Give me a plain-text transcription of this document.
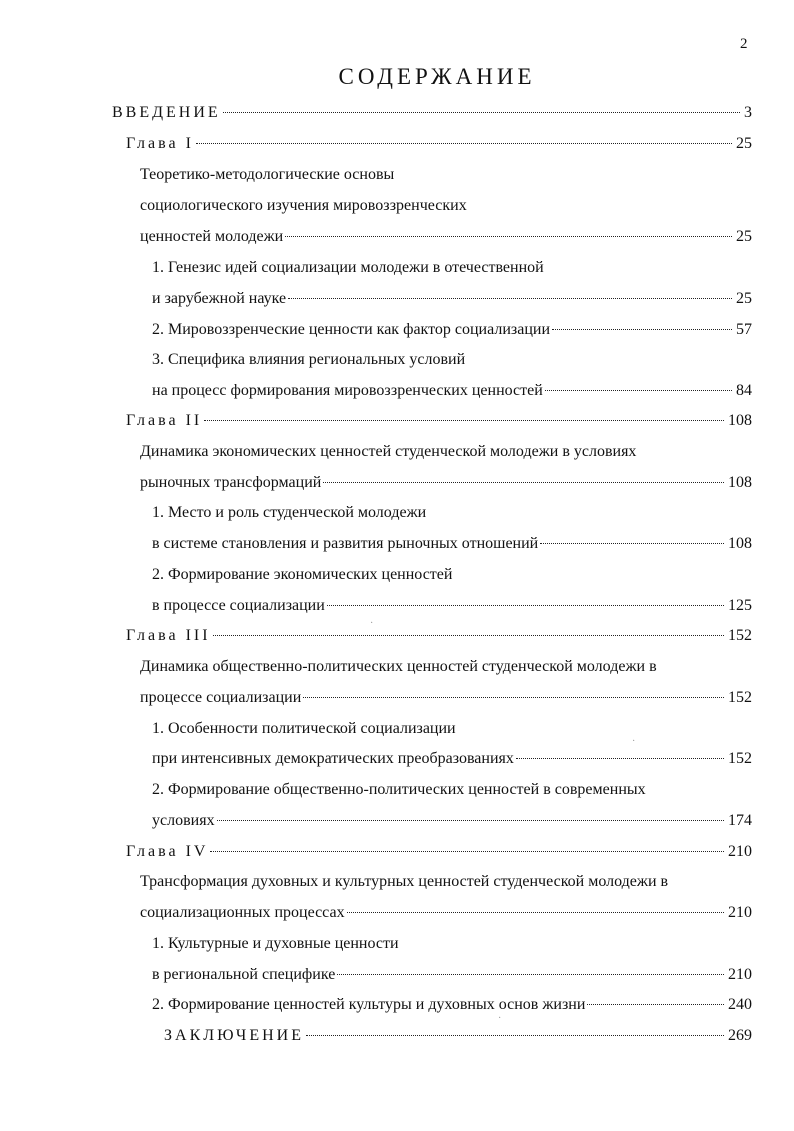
2
СОДЕРЖАНИЕ
ВВЕДЕНИЕ	3
Глава I	25
Теоретико-методологические основы
социологического изучения мировоззренческих
ценностей молодежи	25
1. Генезис идей социализации молодежи в отечественной
и зарубежной науке	25
2. Мировоззренческие ценности как фактор социализации	57
3. Специфика влияния региональных условий
на процесс формирования мировоззренческих ценностей	84
Глава II	108
Динамика экономических ценностей студенческой молодежи в условиях
рыночных трансформаций	108
1. Место и роль студенческой молодежи
в системе становления и развития рыночных отношений	108
2. Формирование экономических ценностей
в процессе социализации	125
Глава III	152
Динамика общественно-политических ценностей студенческой молодежи в
процессе социализации	152
1. Особенности политической социализации
при интенсивных демократических преобразованиях	152
2. Формирование общественно-политических ценностей в современных
условиях	174
Глава IV	210
Трансформация духовных и культурных ценностей студенческой молодежи в
социализационных процессах	210
1. Культурные и духовные ценности
в региональной специфике	210
2. Формирование ценностей культуры и духовных основ жизни	240
ЗАКЛЮЧЕНИЕ	269
·
·
·
